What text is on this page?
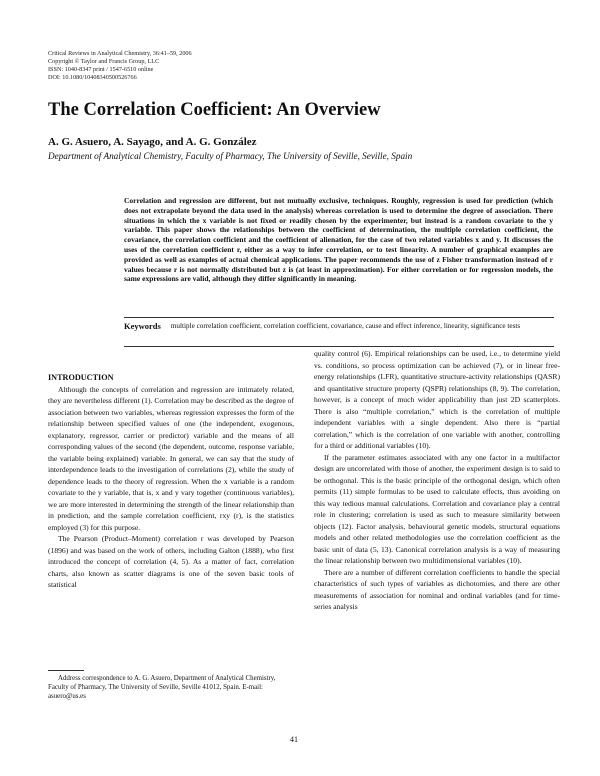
Critical Reviews in Analytical Chemistry, 36:41–59, 2006
Copyright © Taylor and Francis Group, LLC
ISSN: 1040-8347 print / 1547-6510 online
DOI: 10.1080/10408340500526766
The Correlation Coefficient: An Overview
A. G. Asuero, A. Sayago, and A. G. González
Department of Analytical Chemistry, Faculty of Pharmacy, The University of Seville, Seville, Spain
Correlation and regression are different, but not mutually exclusive, techniques. Roughly, regression is used for prediction (which does not extrapolate beyond the data used in the analysis) whereas correlation is used to determine the degree of association. There situations in which the x variable is not fixed or readily chosen by the experimenter, but instead is a random covariate to the y variable. This paper shows the relationships between the coefficient of determination, the multiple correlation coefficient, the covariance, the correlation coefficient and the coefficient of alienation, for the case of two related variables x and y. It discusses the uses of the correlation coefficient r, either as a way to infer correlation, or to test linearity. A number of graphical examples are provided as well as examples of actual chemical applications. The paper recommends the use of z Fisher transformation instead of r values because r is not normally distributed but z is (at least in approximation). For either correlation or for regression models, the same expressions are valid, although they differ significantly in meaning.
Keywords multiple correlation coefficient, correlation coefficient, covariance, cause and effect inference, linearity, significance tests
INTRODUCTION

Although the concepts of correlation and regression are intimately related, they are nevertheless different (1). Correlation may be described as the degree of association between two variables, whereas regression expresses the form of the relationship between specified values of one (the independent, exogenous, explanatory, regressor, carrier or predictor) variable and the means of all corresponding values of the second (the dependent, outcome, response variable, the variable being explained) variable. In general, we can say that the study of interdependence leads to the investigation of correlations (2), while the study of dependence leads to the theory of regression. When the x variable is a random covariate to the y variable, that is, x and y vary together (continuous variables), we are more interested in determining the strength of the linear relationship than in prediction, and the sample correlation coefficient, rxy (r), is the statistics employed (3) for this purpose.

The Pearson (Product–Moment) correlation r was developed by Pearson (1896) and was based on the work of others, including Galton (1888), who first introduced the concept of correlation (4, 5). As a matter of fact, correlation charts, also known as scatter diagrams is one of the seven basic tools of statistical

quality control (6). Empirical relationships can be used, i.e., to determine yield vs. conditions, so process optimization can be achieved (7), or in linear free-energy relationships (LFR), quantitative structure-activity relationships (QASR) and quantitative structure property (QSPR) relationships (8, 9). The correlation, however, is a concept of much wider applicability than just 2D scatterplots. There is also “multiple correlation,” which is the correlation of multiple independent variables with a single dependent. Also there is “partial correlation,” which is the correlation of one variable with another, controlling for a third or additional variables (10).

If the parameter estimates associated with any one factor in a multifactor design are uncorrelated with those of another, the experiment design is to said to be orthogonal. This is the basic principle of the orthogonal design, which often permits (11) simple formulas to be used to calculate effects, thus avoiding on this way tedious manual calculations. Correlation and covariance play a central role in clustering; correlation is used as such to measure similarity between objects (12). Factor analysis, behavioural genetic models, structural equations models and other related methodologies use the correlation coefficient as the basic unit of data (5, 13). Canonical correlation analysis is a way of measuring the linear relationship between two multidimensional variables (10).

There are a number of different correlation coefficients to handle the special characteristics of such types of variables as dichotomies, and there are other measurements of association for nominal and ordinal variables (and for time-series analysis

Address correspondence to A. G. Asuero, Department of Analytical Chemistry, Faculty of Pharmacy, The University of Seville, Seville 41012, Spain. E-mail: asuero@us.es
41
